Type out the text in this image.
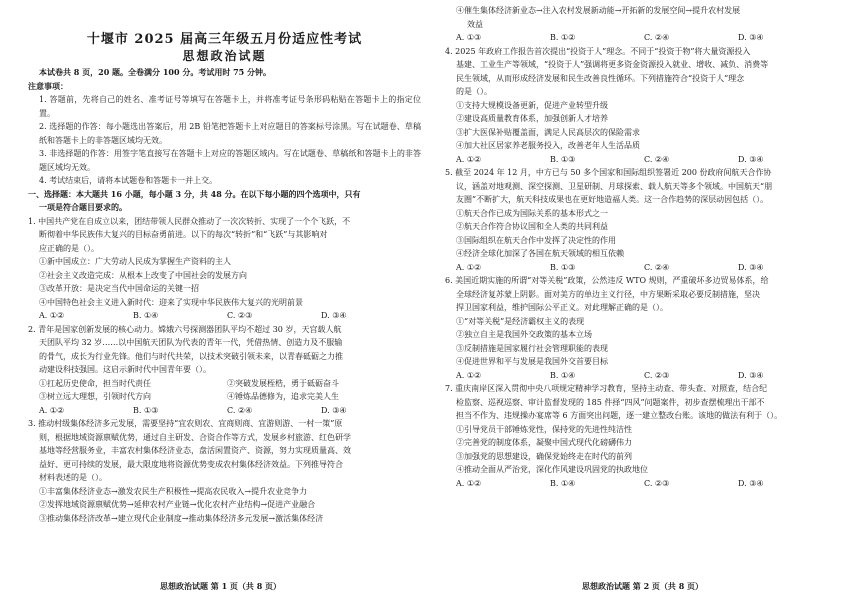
十堰市 2025 届高三年级五月份适应性考试
思想政治试题
本试卷共 8 页，20 题。全卷满分 100 分。考试用时 75 分钟。
注意事项：
1. 答题前，先将自己的姓名、准考证号等填写在答题卡上，并将准考证号条形码粘贴在答题卡上的指定位置。
2. 选择题的作答：每小题选出答案后，用 2B 铅笔把答题卡上对应题目的答案标号涂黑。写在试题卷、草稿纸和答题卡上的非答题区域均无效。
3. 非选择题的作答：用签字笔直接写在答题卡上对应的答题区域内。写在试题卷、草稿纸和答题卡上的非答题区域均无效。
4. 考试结束后，请将本试题卷和答题卡一并上交。
一、选择题：本大题共 16 小题，每小题 3 分，共 48 分。在以下每小题的四个选项中，只有
一项是符合题目要求的。
1. 中国共产党在自成立以来，团结带领人民群众推动了一次次转折、实现了一个个飞跃，不
断彻着中华民族伟大复兴的目标奋勇前进。以下的每次“转折”和“飞跃”与其影响对
应正确的是（）。
①新中国成立：广大劳动人民成为掌握生产资料的主人
②社会主义改造完成：从根本上改变了中国社会的发展方向
③改革开放：是决定当代中国命运的关键一招
④中国特色社会主义进入新时代：迎来了实现中华民族伟大复兴的光明前景
A. ①②	B. ①④	C. ②③	D. ③④
2. 青年是国家创新发展的核心动力。嫦娥六号探测器团队平均不超过 30 岁，天宫载人航
天团队平均 32 岁……以中国航天团队为代表的青年一代，凭借热情、创造力及不服输
的骨气，成长为行业先锋。他们与时代共荣，以技术突破引领未来，以青春砥砺之力推
动建设科技强国。这启示新时代中国青年要（）。
①扛起历史使命，担当时代责任	②突破发展桎梏，勇于砥砺奋斗
③树立远大理想，引领时代方向	④锤炼品德修为，追求完美人生
A. ①②	B. ①③	C. ②④	D. ③④
3. 推动村级集体经济多元发展，需要坚持“宜农则农、宜商则商、宜游则游、一村一策”原
则，根据地域资源禀赋优势，通过自主研发、合资合作等方式，发展乡村旅游、红色研学
基地等经营服务业，丰富农村集体经济业态，盘活闲置资产、资源，努力实现质量高、效
益好、更可持续的发展，最大限度地将资源优势变成农村集体经济效益。下列推导符合
材料表述的是（）。
①丰富集体经济业态→激发农民生产积极性→提高农民收入→提升农业竞争力
②发挥地域资源禀赋优势→延伸农村产业链→优化农村产业结构→促进产业融合
③推动集体经济改革→建立现代企业制度→推动集体经济多元发展→激活集体经济
④催生集体经济新业态→注入农村发展新动能→开拓新的发展空间→提升农村发展
效益
A. ①③	B. ①②	C. ②④	D. ③④
4. 2025 年政府工作报告首次提出“投资于人”理念。不同于“投资于物”将大量资源投入
基建、工业生产等领域，“投资于人”强调将更多资金资源投入就业、增收、减负、消费等
民生领域，从而形成经济发展和民生改善良性循环。下列措施符合“投资于人”理念
的是（）。
①支持大规模设备更新，促进产业转型升级
②建设高质量教育体系，加强创新人才培养
③扩大医保补贴覆盖面，满足人民高层次的保险需求
④加大社区居家养老服务投入，改善老年人生活品质
A. ①②	B. ①③	C. ②④	D. ③④
5. 截至 2024 年 12 月，中方已与 50 多个国家和国际组织签署近 200 份政府间航天合作协
议，涵盖对地观测、深空探测、卫星研制、月球探索、载人航天等多个领域。中国航天“朋
友圈”不断扩大，航天科技成果也在更好地造福人类。这一合作趋势的深层动因包括（）。
①航天合作已成为国际关系的基本形式之一
②航天合作符合协议国和全人类的共同利益
③国际组织在航天合作中发挥了决定性的作用
④经济全球化加深了各国在航天领域的相互依赖
A. ①②	B. ①③	C. ②④	D. ③④
6. 美国近期实施的所谓“对等关税”政策，公然违反 WTO 规则，严重破坏多边贸易体系，给
全球经济复苏蒙上阴影。面对美方的单边主义行径，中方果断采取必要反制措施，坚决
捍卫国家利益，维护国际公平正义。对此理解正确的是（）。
①“对等关税”是经济霸权主义的表现
②独立自主是我国外交政策的基本立场
③反制措施是国家履行社会管理职能的表现
④促进世界和平与发展是我国外交首要目标
A. ①②	B. ①④	C. ②③	D. ③④
7. 重庆南岸区深入贯彻中央八项规定精神学习教育，坚持主动查、带头查、对照查，结合纪
检监察、巡视巡察、审计监督发现的 185 件择“四风”问题案件，初步查摆梳理出干部不
担当不作为、违规操办宴席等 6 方面突出问题，逐一建立整改台账。该地的做法有利于（）。
①引导党员干部锤炼党性，保持党的先进性纯洁性
②完善党的制度体系，凝聚中国式现代化磅礴伟力
③加强党的思想建设，确保党始终走在时代的前列
④推动全面从严治党，深化作风建设巩固党的执政地位
A. ①②	B. ①④	C. ②③	D. ③④
思想政治试题 第 1 页（共 8 页）	思想政治试题 第 2 页（共 8 页）
